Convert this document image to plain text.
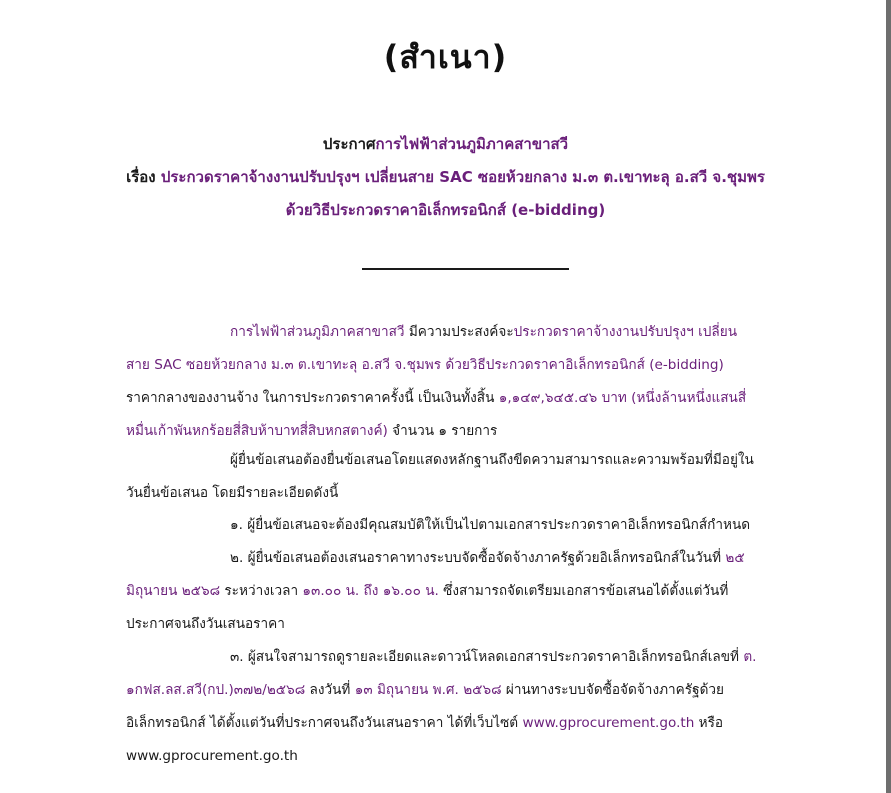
(สำเนา)
ประกาศการไฟฟ้าส่วนภูมิภาคสาขาสวี
เรื่อง ประกวดราคาจ้างงานปรับปรุงฯ เปลี่ยนสาย SAC ซอยห้วยกลาง ม.๓ ต.เขาทะลุ อ.สวี จ.ชุมพร
ด้วยวิธีประกวดราคาอิเล็กทรอนิกส์ (e-bidding)
การไฟฟ้าส่วนภูมิภาคสาขาสวี มีความประสงค์จะประกวดราคาจ้างงานปรับปรุงฯ เปลี่ยน
สาย SAC ซอยห้วยกลาง ม.๓ ต.เขาทะลุ อ.สวี จ.ชุมพร ด้วยวิธีประกวดราคาอิเล็กทรอนิกส์ (e-bidding)
ราคากลางของงานจ้าง ในการประกวดราคาครั้งนี้ เป็นเงินทั้งสิ้น ๑,๑๔๙,๖๔๕.๔๖ บาท (หนึ่งล้านหนึ่งแสนสี่
หมื่นเก้าพันหกร้อยสี่สิบห้าบาทสี่สิบหกสตางค์) จำนวน ๑ รายการ
ผู้ยื่นข้อเสนอต้องยื่นข้อเสนอโดยแสดงหลักฐานถึงขีดความสามารถและความพร้อมที่มีอยู่ใน
วันยื่นข้อเสนอ โดยมีรายละเอียดดังนี้
๑. ผู้ยื่นข้อเสนอจะต้องมีคุณสมบัติให้เป็นไปตามเอกสารประกวดราคาอิเล็กทรอนิกส์กำหนด
๒. ผู้ยื่นข้อเสนอต้องเสนอราคาทางระบบจัดซื้อจัดจ้างภาครัฐด้วยอิเล็กทรอนิกส์ในวันที่ ๒๕
มิถุนายน ๒๕๖๘ ระหว่างเวลา ๑๓.๐๐ น. ถึง ๑๖.๐๐ น. ซึ่งสามารถจัดเตรียมเอกสารข้อเสนอได้ตั้งแต่วันที่
ประกาศจนถึงวันเสนอราคา
๓. ผู้สนใจสามารถดูรายละเอียดและดาวน์โหลดเอกสารประกวดราคาอิเล็กทรอนิกส์เลขที่ ต.
๑กฟส.ลส.สวี(กป.)๓๗๒/๒๕๖๘ ลงวันที่ ๑๓ มิถุนายน พ.ศ. ๒๕๖๘ ผ่านทางระบบจัดซื้อจัดจ้างภาครัฐด้วย
อิเล็กทรอนิกส์ ได้ตั้งแต่วันที่ประกาศจนถึงวันเสนอราคา ได้ที่เว็บไซต์ www.gprocurement.go.th หรือ
www.gprocurement.go.th
